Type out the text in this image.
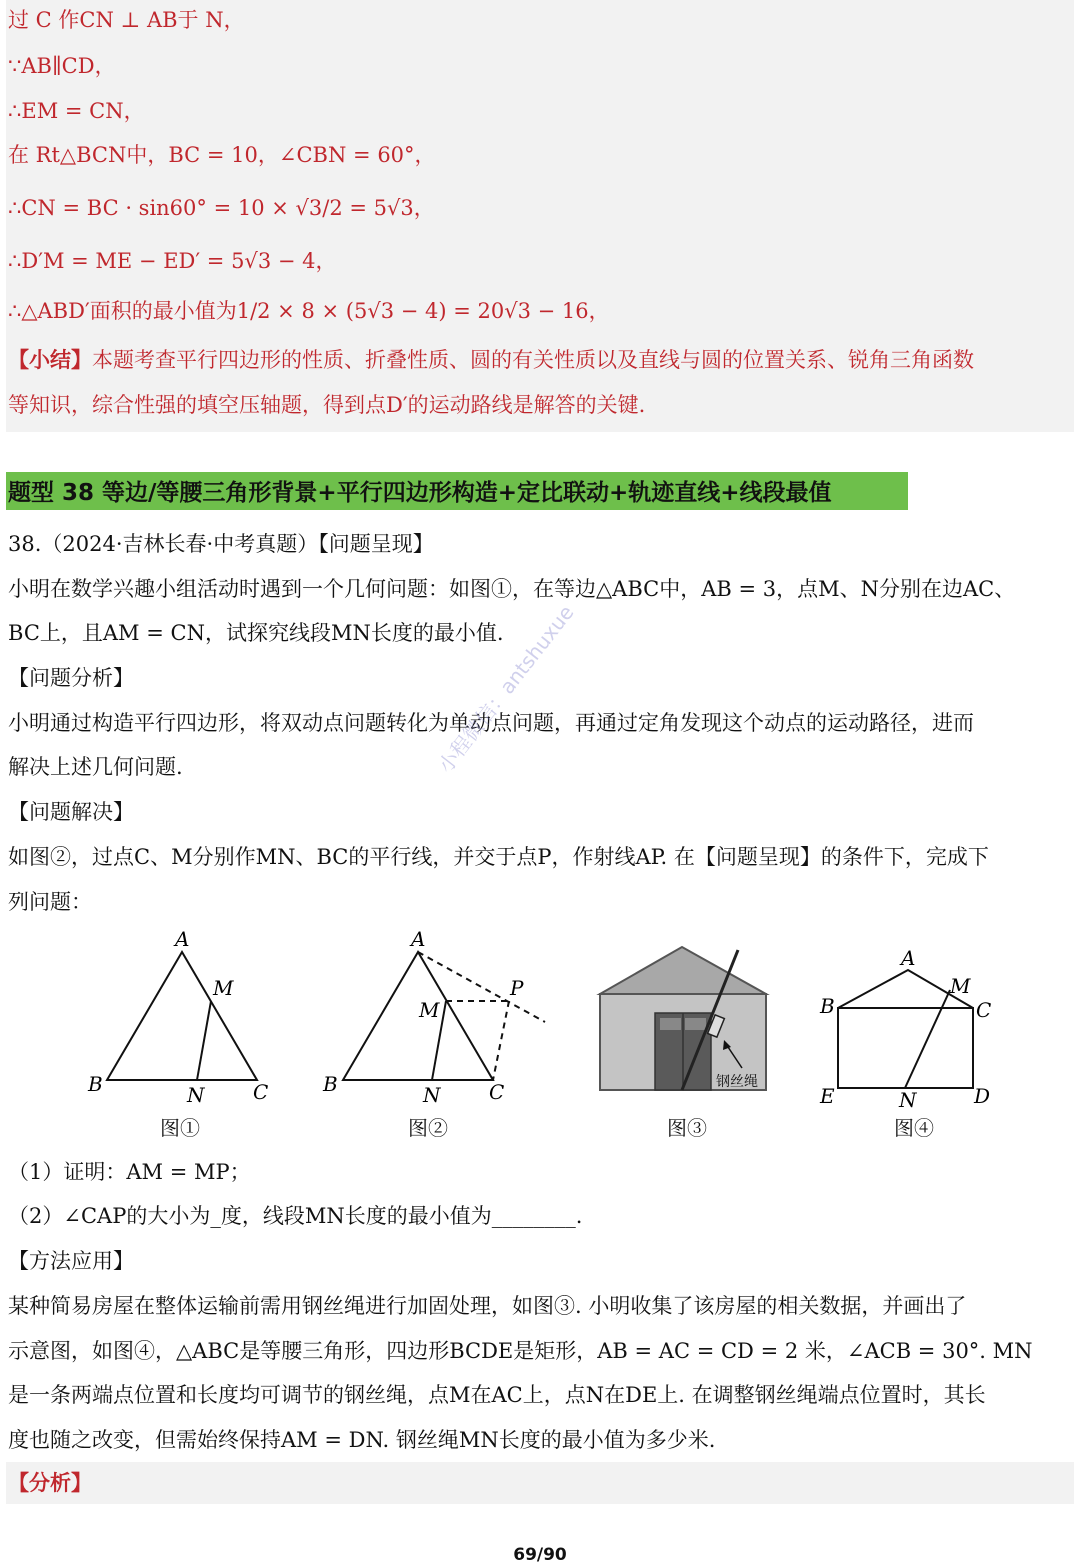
过 C 作CN ⊥ AB于 N，
∵AB∥CD，
∴EM = CN，
在 Rt△BCN中，BC = 10，∠CBN = 60°，
∴CN = BC · sin60° = 10 × √3/2 = 5√3，
∴D′M = ME − ED′ = 5√3 − 4，
∴△ABD′面积的最小值为1/2 × 8 × (5√3 − 4) = 20√3 − 16，
【小结】本题考查平行四边形的性质、折叠性质、圆的有关性质以及直线与圆的位置关系、锐角三角函数
等知识，综合性强的填空压轴题，得到点D′的运动路线是解答的关键.
题型 38 等边/等腰三角形背景+平行四边形构造+定比联动+轨迹直线+线段最值
38.（2024·吉林长春·中考真题）【问题呈现】
小明在数学兴趣小组活动时遇到一个几何问题：如图①，在等边△ABC中，AB = 3，点M、N分别在边AC、
BC上，且AM = CN，试探究线段MN长度的最小值.
【问题分析】
小明通过构造平行四边形，将双动点问题转化为单动点问题，再通过定角发现这个动点的运动路径，进而
解决上述几何问题.
【问题解决】
如图②，过点C、M分别作MN、BC的平行线，并交于点P，作射线AP. 在【问题呈现】的条件下，完成下
列问题：
小程微信：antshuxue
A
M
B	N C
A
M
P
B	N C	钢丝绳
A
M
B	C
E	N	D
图①	图②	图③	图④
（1）证明：AM = MP；
（2）∠CAP的大小为_度，线段MN长度的最小值为________.
【方法应用】
某种简易房屋在整体运输前需用钢丝绳进行加固处理，如图③. 小明收集了该房屋的相关数据，并画出了
示意图，如图④，△ABC是等腰三角形，四边形BCDE是矩形，AB = AC = CD = 2 米，∠ACB = 30°. MN
是一条两端点位置和长度均可调节的钢丝绳，点M在AC上，点N在DE上. 在调整钢丝绳端点位置时，其长
度也随之改变，但需始终保持AM = DN. 钢丝绳MN长度的最小值为多少米.
【分析】
69/90
